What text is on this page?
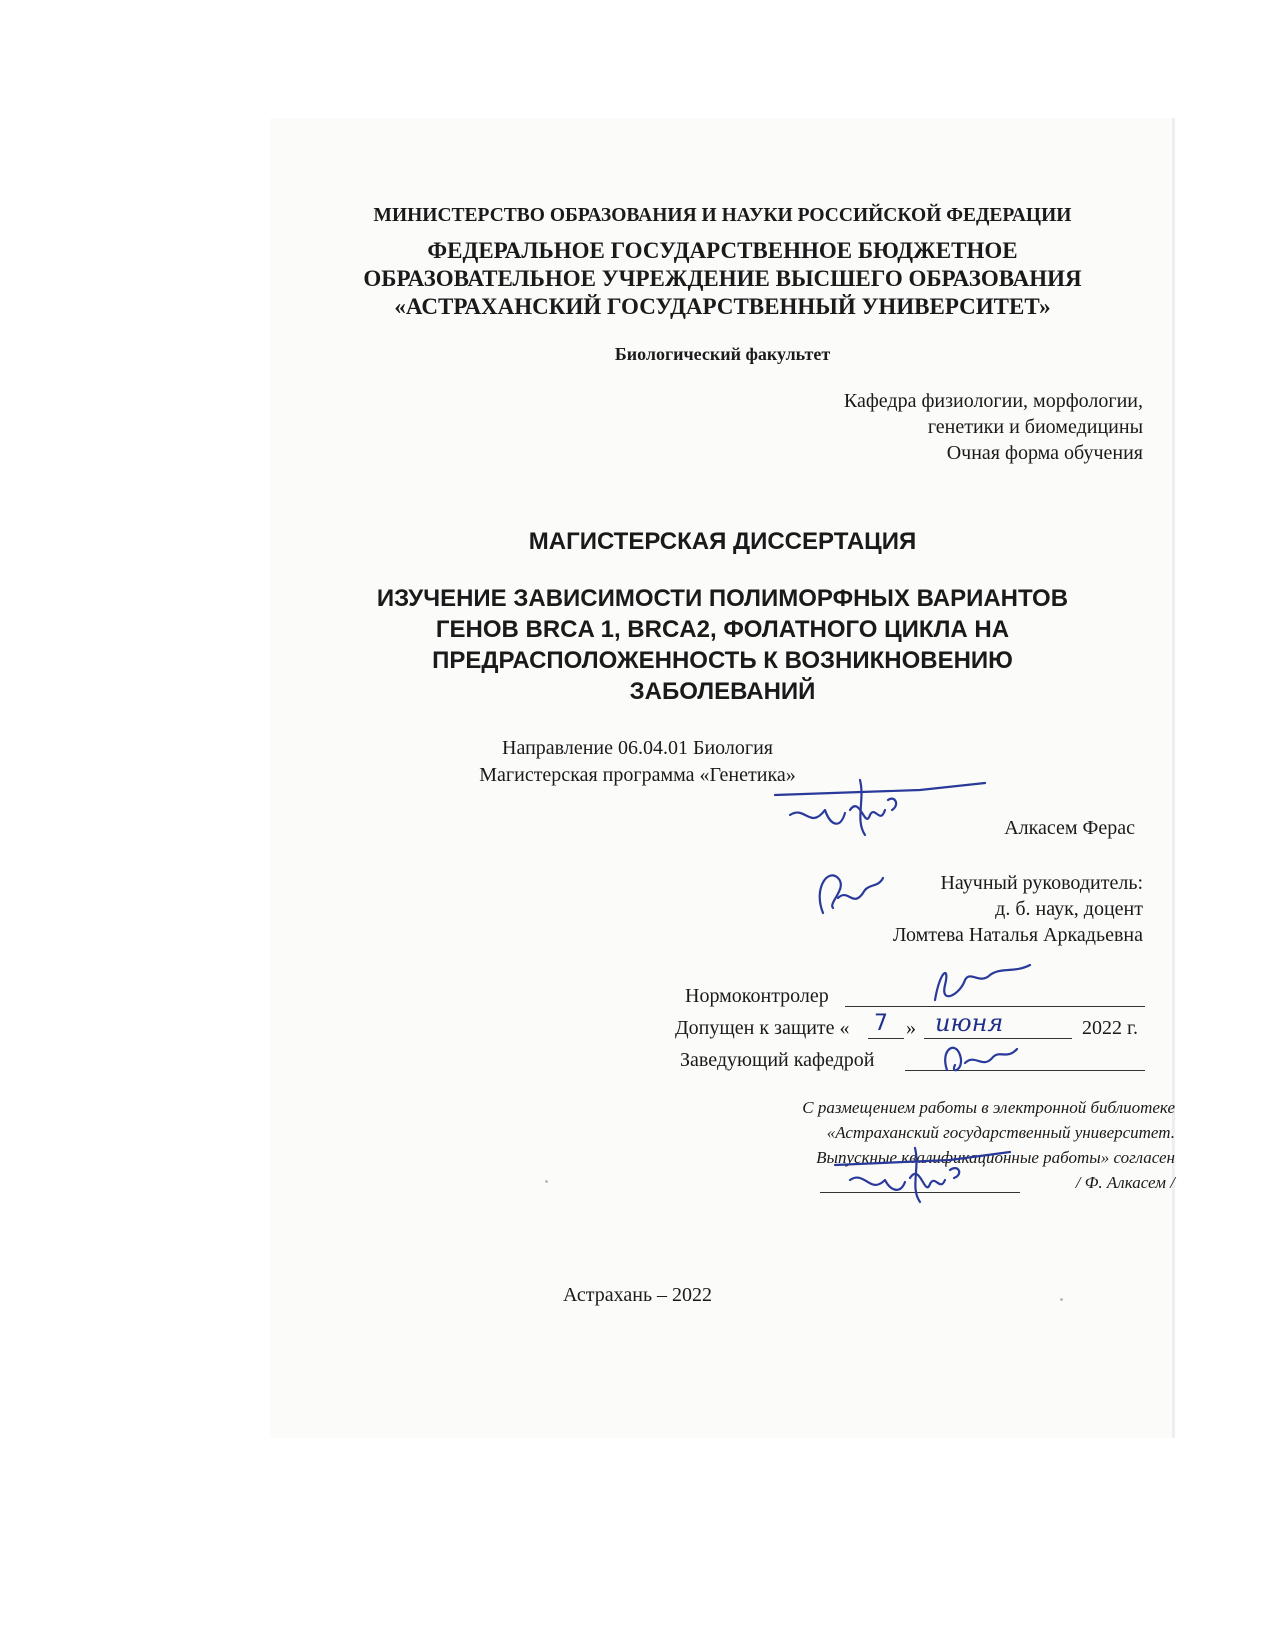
МИНИСТЕРСТВО ОБРАЗОВАНИЯ И НАУКИ РОССИЙСКОЙ ФЕДЕРАЦИИ
ФЕДЕРАЛЬНОЕ ГОСУДАРСТВЕННОЕ БЮДЖЕТНОЕ
ОБРАЗОВАТЕЛЬНОЕ УЧРЕЖДЕНИЕ ВЫСШЕГО ОБРАЗОВАНИЯ
«АСТРАХАНСКИЙ ГОСУДАРСТВЕННЫЙ УНИВЕРСИТЕТ»
Биологический факультет
Кафедра физиологии, морфологии,
генетики и биомедицины
Очная форма обучения
МАГИСТЕРСКАЯ ДИССЕРТАЦИЯ
ИЗУЧЕНИЕ ЗАВИСИМОСТИ ПОЛИМОРФНЫХ ВАРИАНТОВ
ГЕНОВ BRCA 1, BRCA2, ФОЛАТНОГО ЦИКЛА НА
ПРЕДРАСПОЛОЖЕННОСТЬ К ВОЗНИКНОВЕНИЮ
ЗАБОЛЕВАНИЙ
Направление 06.04.01 Биология
Магистерская программа «Генетика»
Алкасем Ферас
Научный руководитель:
д. б. наук, доцент
Ломтева Наталья Аркадьевна
Нормоконтролер
Допущен к защите « 7 » июня	2022 г.
Заведующий кафедрой
С размещением работы в электронной библиотеке
«Астраханский государственный университет.
Выпускные квалификационные работы» согласен
/ Ф. Алкасем /
Астрахань – 2022
